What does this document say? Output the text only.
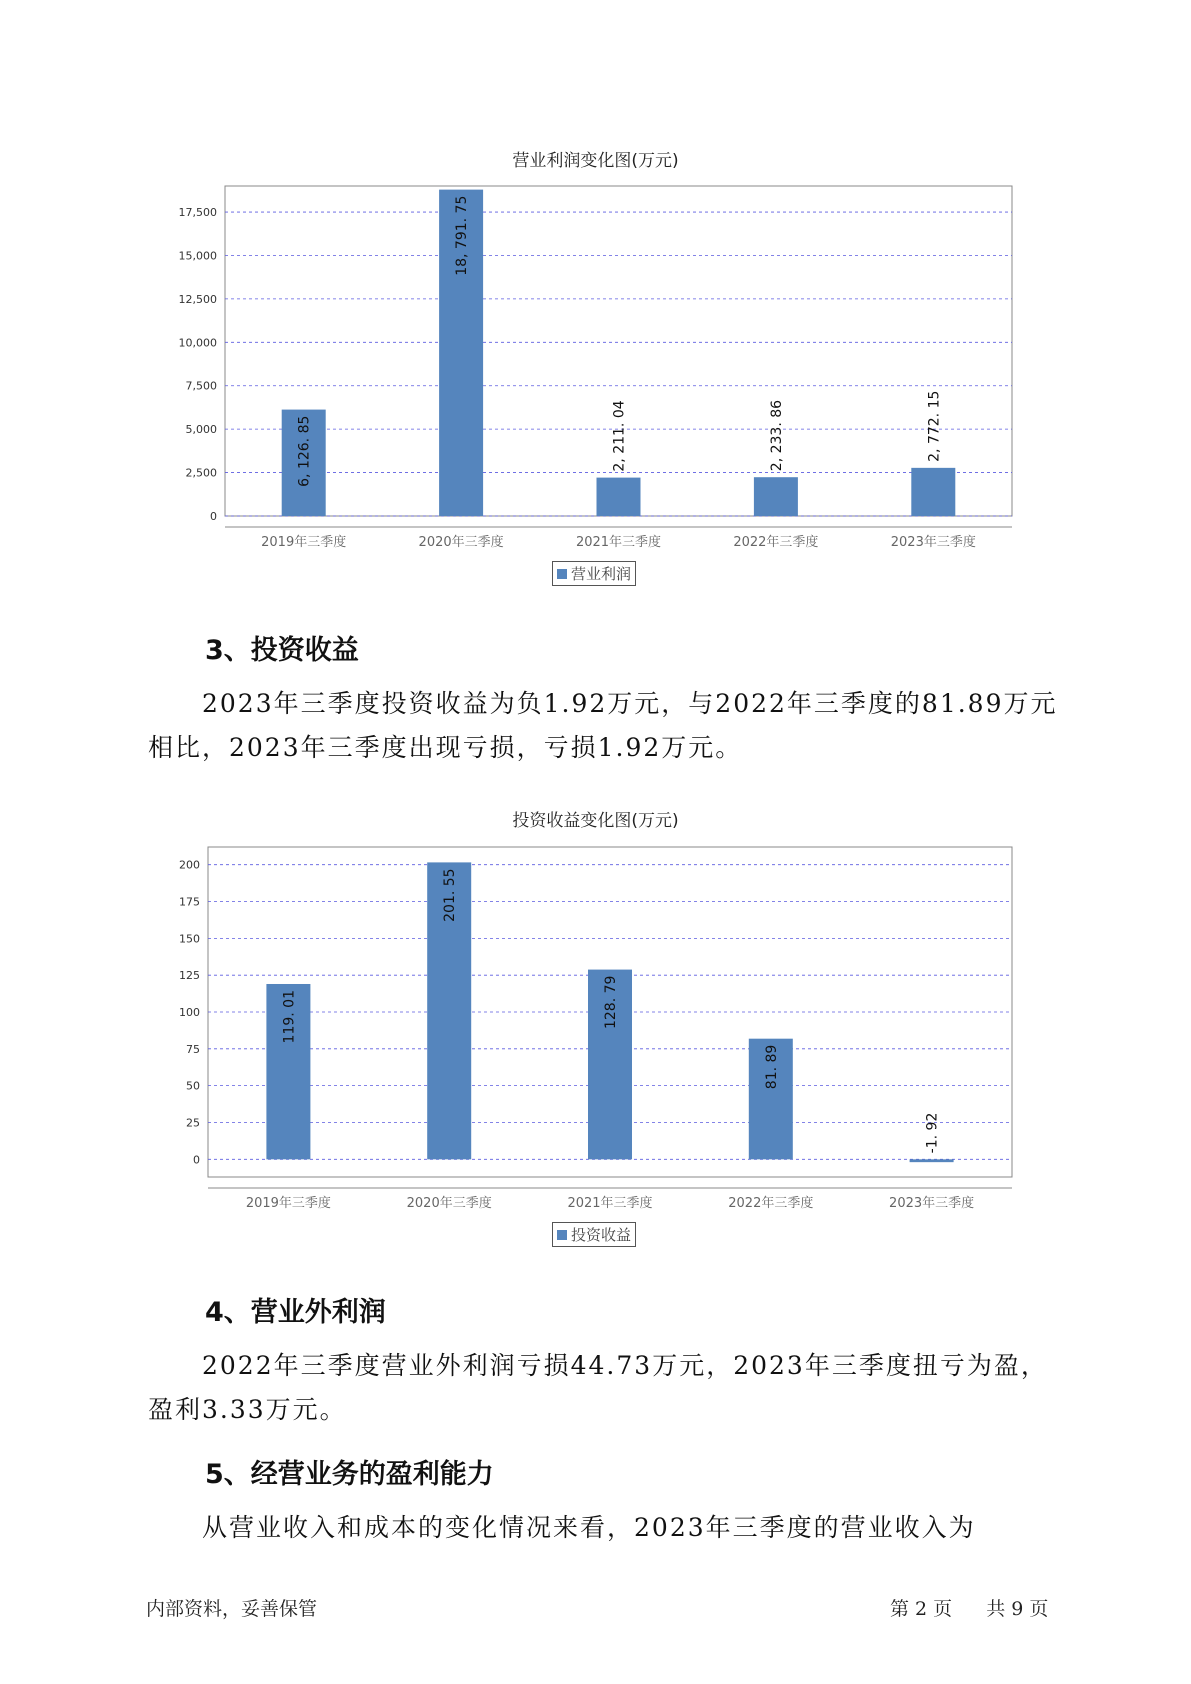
营业利润变化图(万元)
0
2,500
5,000
7,500
10,000
12,500
15,000
17,500
2019年三季度
6, 126. 85
2020年三季度
18, 791. 75
2021年三季度
2, 211. 04
2022年三季度
2, 233. 86
2023年三季度
2, 772. 15
营业利润
3、投资收益

2023年三季度投资收益为负1.92万元，与2022年三季度的81.89万元相比，2023年三季度出现亏损，亏损1.92万元。

投资收益变化图(万元)
0
25
50
75
100
125
150
175
200
2019年三季度
119. 01
2020年三季度
201. 55
2021年三季度
128. 79
2022年三季度
81. 89
2023年三季度
-1. 92
投资收益
4、营业外利润

2022年三季度营业外利润亏损44.73万元，2023年三季度扭亏为盈，盈利3.33万元。

5、经营业务的盈利能力

从营业收入和成本的变化情况来看，2023年三季度的营业收入为

内部资料，妥善保管	第 2 页 共 9 页
